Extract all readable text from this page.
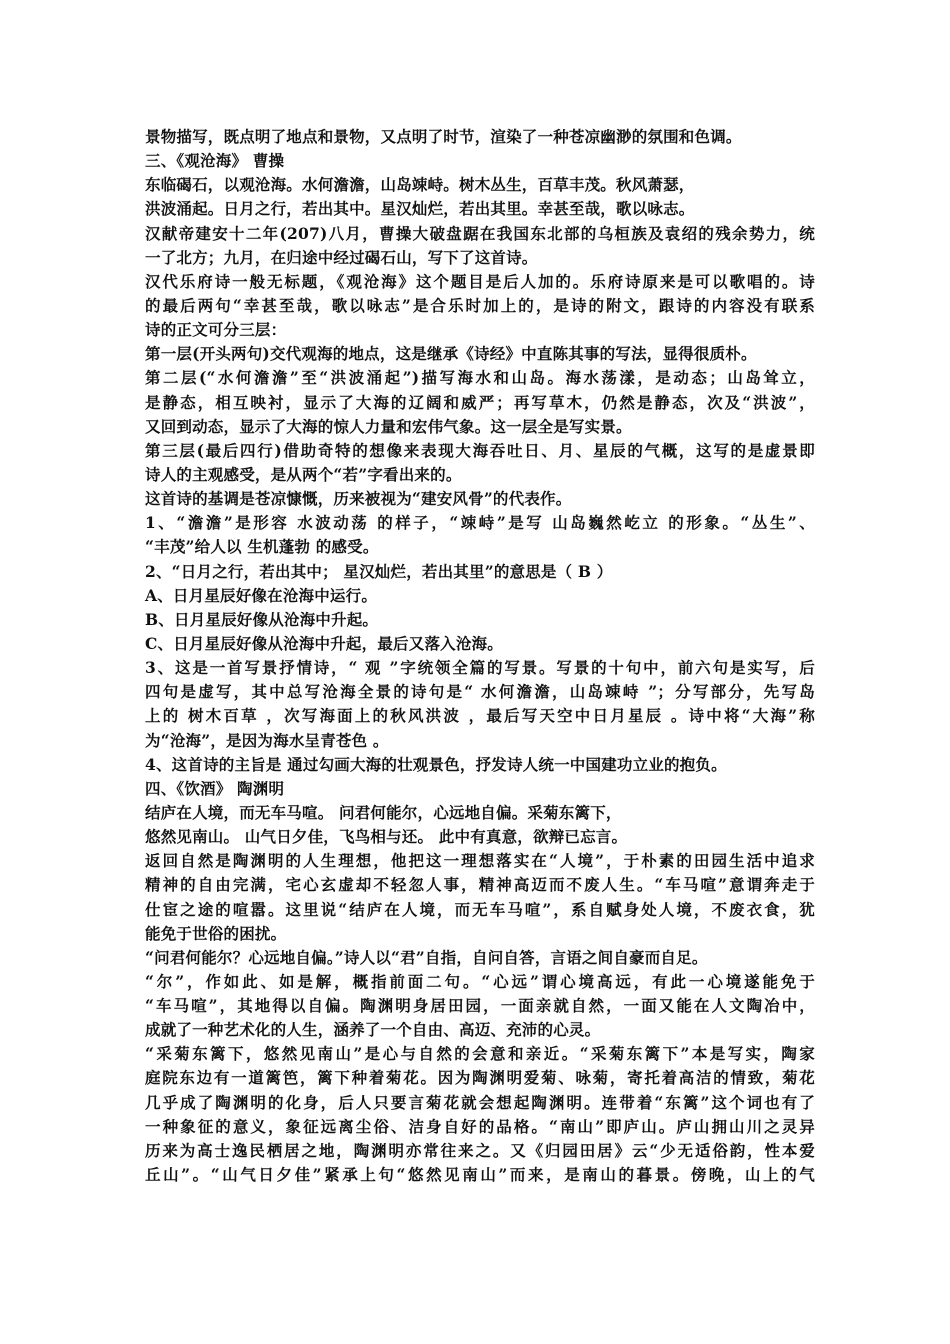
景物描写，既点明了地点和景物，又点明了时节，渲染了一种苍凉幽渺的氛围和色调。
三、《观沧海》 曹操
东临碣石，以观沧海。水何澹澹，山岛竦峙。树木丛生，百草丰茂。秋风萧瑟，
洪波涌起。日月之行，若出其中。星汉灿烂，若出其里。幸甚至哉，歌以咏志。
汉献帝建安十二年(207)八月，曹操大破盘踞在我国东北部的乌桓族及袁绍的残余势力，统
一了北方；九月，在归途中经过碣石山，写下了这首诗。
汉代乐府诗一般无标题，《观沧海》这个题目是后人加的。乐府诗原来是可以歌唱的。诗
的最后两句“幸甚至哉，歌以咏志”是合乐时加上的，是诗的附文，跟诗的内容没有联系
诗的正文可分三层：
第一层(开头两句)交代观海的地点，这是继承《诗经》中直陈其事的写法，显得很质朴。
第二层(“水何澹澹”至“洪波涌起”)描写海水和山岛。海水荡漾，是动态；山岛耸立，
是静态，相互映衬，显示了大海的辽阔和威严；再写草木，仍然是静态，次及“洪波”，
又回到动态，显示了大海的惊人力量和宏伟气象。这一层全是写实景。
第三层(最后四行)借助奇特的想像来表现大海吞吐日、月、星辰的气概，这写的是虚景即
诗人的主观感受，是从两个“若”字看出来的。
这首诗的基调是苍凉慷慨，历来被视为“建安风骨”的代表作。
1、“澹澹”是形容 水波动荡 的样子，“竦峙”是写 山岛巍然屹立 的形象。“丛生”、
“丰茂”给人以 生机蓬勃 的感受。
2、“日月之行，若出其中； 星汉灿烂，若出其里”的意思是（ B ）
A、日月星辰好像在沧海中运行。
B、日月星辰好像从沧海中升起。
C、日月星辰好像从沧海中升起，最后又落入沧海。
3、这是一首写景抒情诗，“ 观 ”字统领全篇的写景。写景的十句中，前六句是实写，后
四句是虚写，其中总写沧海全景的诗句是“ 水何澹澹，山岛竦峙 ”；分写部分，先写岛
上的 树木百草 ，次写海面上的秋风洪波 ，最后写天空中日月星辰 。诗中将“大海”称
为“沧海”，是因为海水呈青苍色 。
4、这首诗的主旨是 通过勾画大海的壮观景色，抒发诗人统一中国建功立业的抱负。
四、《饮酒》 陶渊明
结庐在人境，而无车马喧。 问君何能尔，心远地自偏。采菊东篱下，
悠然见南山。 山气日夕佳，飞鸟相与还。 此中有真意，欲辩已忘言。
返回自然是陶渊明的人生理想，他把这一理想落实在“人境”，于朴素的田园生活中追求
精神的自由完满，宅心玄虚却不轻忽人事，精神高迈而不废人生。“车马喧”意谓奔走于
仕宦之途的喧嚣。这里说“结庐在人境，而无车马喧”，系自赋身处人境，不废衣食，犹
能免于世俗的困扰。
“问君何能尔？心远地自偏。”诗人以“君”自指，自问自答，言语之间自豪而自足。
“尔”，作如此、如是解，概指前面二句。“心远”谓心境高远，有此一心境遂能免于
“车马喧”，其地得以自偏。陶渊明身居田园，一面亲就自然，一面又能在人文陶冶中，
成就了一种艺术化的人生，涵养了一个自由、高迈、充沛的心灵。
“采菊东篱下，悠然见南山”是心与自然的会意和亲近。“采菊东篱下”本是写实，陶家
庭院东边有一道篱笆，篱下种着菊花。因为陶渊明爱菊、咏菊，寄托着高洁的情致，菊花
几乎成了陶渊明的化身，后人只要言菊花就会想起陶渊明。连带着“东篱”这个词也有了
一种象征的意义，象征远离尘俗、洁身自好的品格。“南山”即庐山。庐山拥山川之灵异
历来为高士逸民栖居之地，陶渊明亦常往来之。又《归园田居》云“少无适俗韵，性本爱
丘山”。“山气日夕佳”紧承上句“悠然见南山”而来，是南山的暮景。傍晚，山上的气
